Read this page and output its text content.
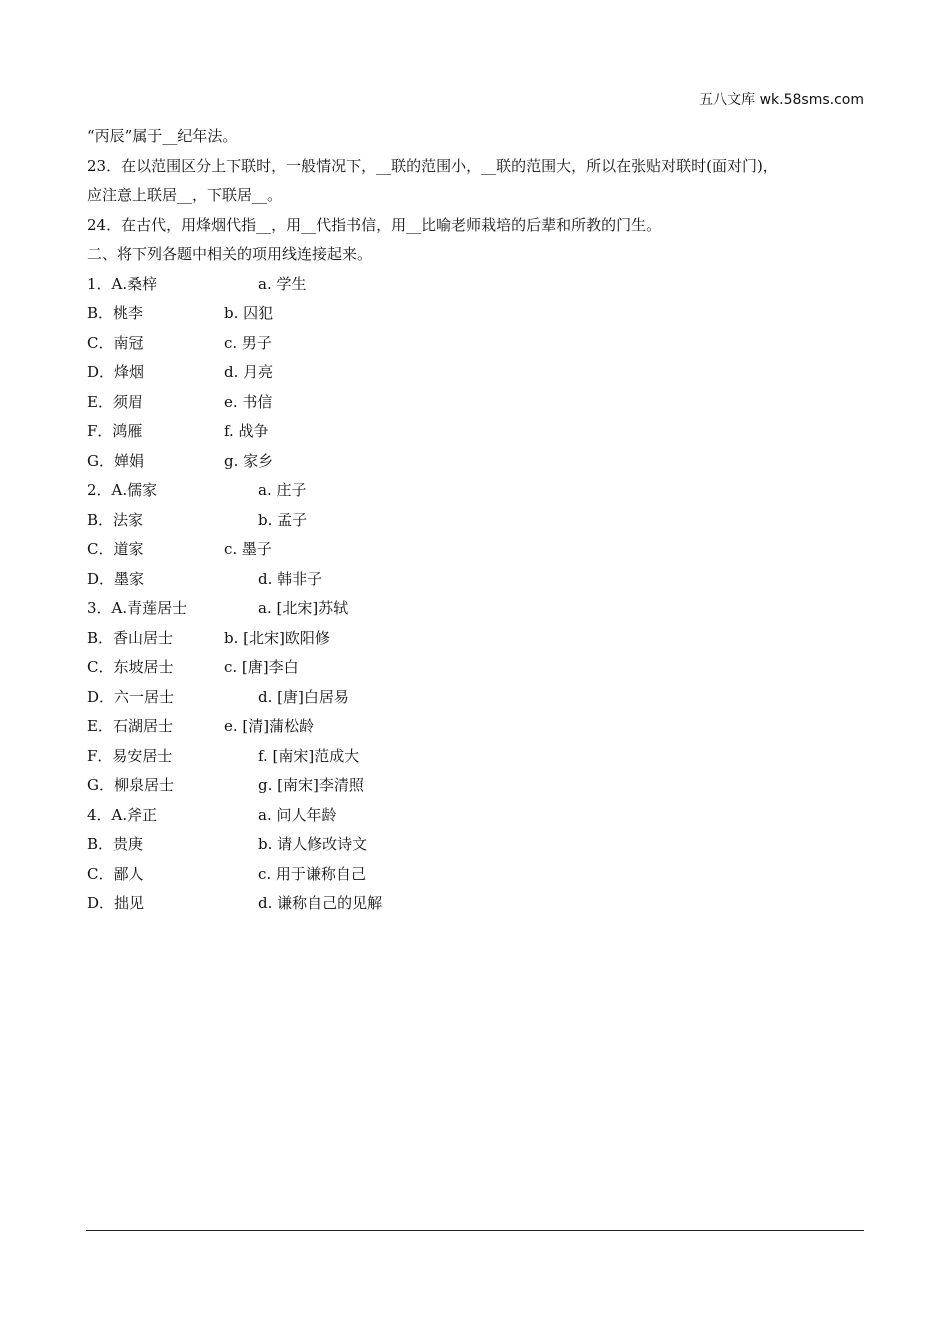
五八文库 wk.58sms.com
“丙辰”属于__纪年法。
23．在以范围区分上下联时，一般情况下，__联的范围小，__联的范围大，所以在张贴对联时(面对门)，
应注意上联居__，下联居__。
24．在古代，用烽烟代指__，用__代指书信，用__比喻老师栽培的后辈和所教的门生。
二、将下列各题中相关的项用线连接起来。
1．A.桑梓	a. 学生
B．桃李	b. 囚犯
C．南冠	c. 男子
D．烽烟	d. 月亮
E．须眉	e. 书信
F．鸿雁	f. 战争
G．婵娟	g. 家乡
2．A.儒家	a. 庄子
B．法家	b. 孟子
C．道家	c. 墨子
D．墨家	d. 韩非子
3．A.青莲居士	a. [北宋]苏轼
B．香山居士	b. [北宋]欧阳修
C．东坡居士	c. [唐]李白
D．六一居士	d. [唐]白居易
E．石湖居士	e. [清]蒲松龄
F．易安居士	f. [南宋]范成大
G．柳泉居士	g. [南宋]李清照
4．A.斧正	a. 问人年龄
B．贵庚	b. 请人修改诗文
C．鄙人	c. 用于谦称自己
D．拙见	d. 谦称自己的见解
